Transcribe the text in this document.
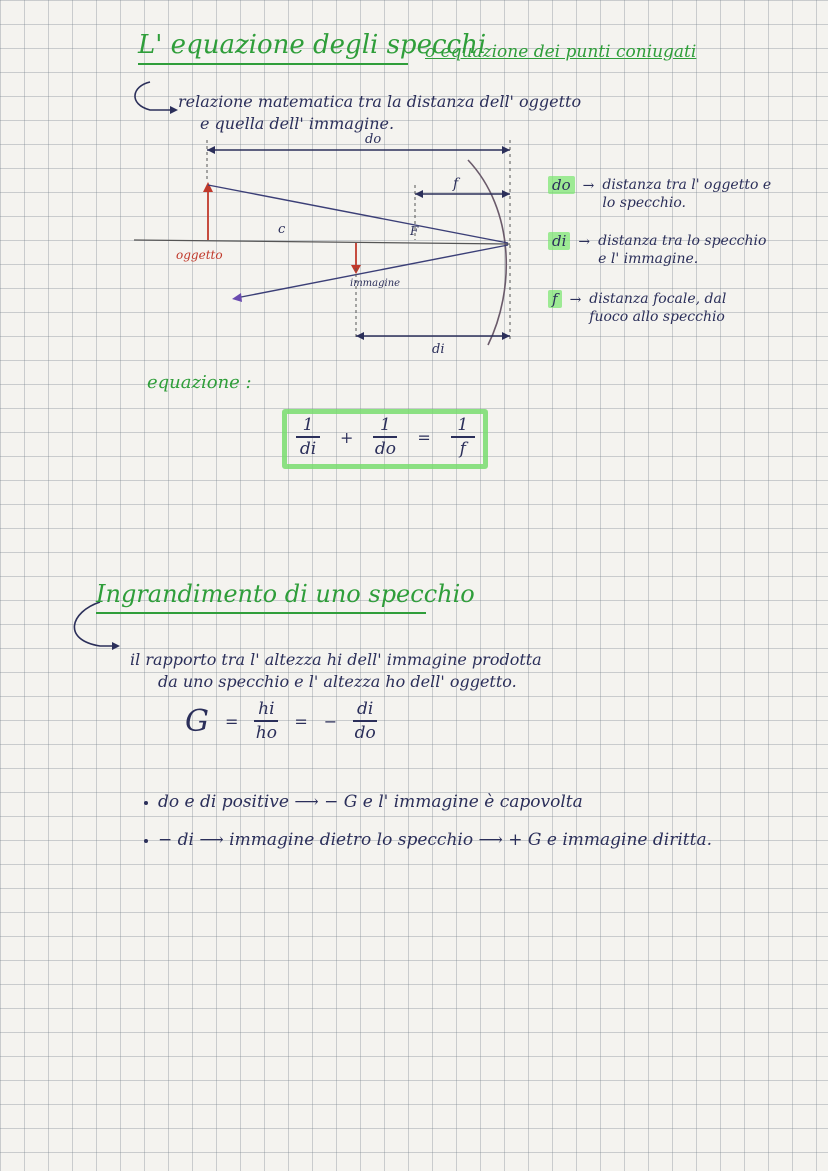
L' equazione degli specchi
o equazione dei punti coniugati
relazione matematica tra la distanza dell' oggetto
e quella dell' immagine.
do
f
c	F
oggetto
immagine
di
do → distanza tra l' oggetto e lo specchio.
di → distanza tra lo specchio e l' immagine.
f → distanza focale, dal fuoco allo specchio
equazione :
$\frac{1}{di} + \frac{1}{do} = \frac{1}{f}$
Ingrandimento di uno specchio
il rapporto tra l' altezza hi dell' immagine prodotta
da uno specchio e l' altezza ho dell' oggetto.
$G = \frac{hi}{ho}$ = − $\frac{di}{do}$
do e di positive ⟶ − G e l' immagine è capovolta
− di ⟶ immagine dietro lo specchio ⟶ + G e immagine diritta.
